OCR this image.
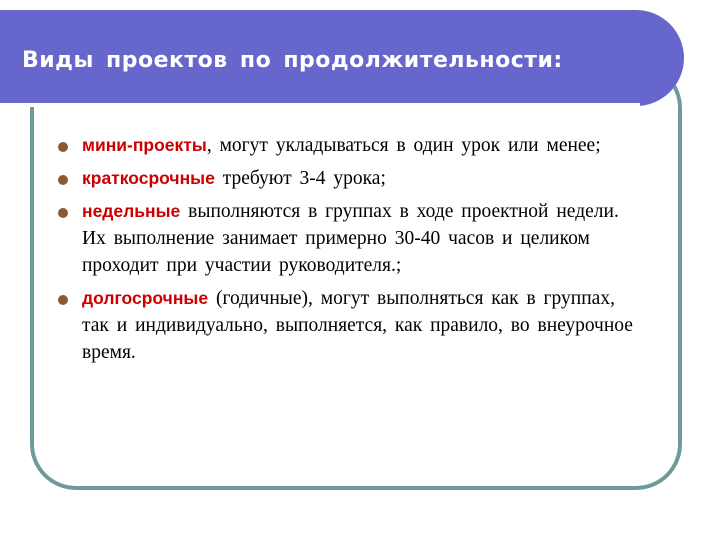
Виды проектов по продолжительности:
мини-проекты, могут укладываться в один урок или менее;
краткосрочные требуют 3-4 урока;
недельные выполняются в группах в ходе проектной недели. Их выполнение занимает примерно 30-40 часов и целиком проходит при участии руководителя.;
долгосрочные (годичные), могут выполняться как в группах, так и индивидуально, выполняется, как правило, во внеурочное время.
